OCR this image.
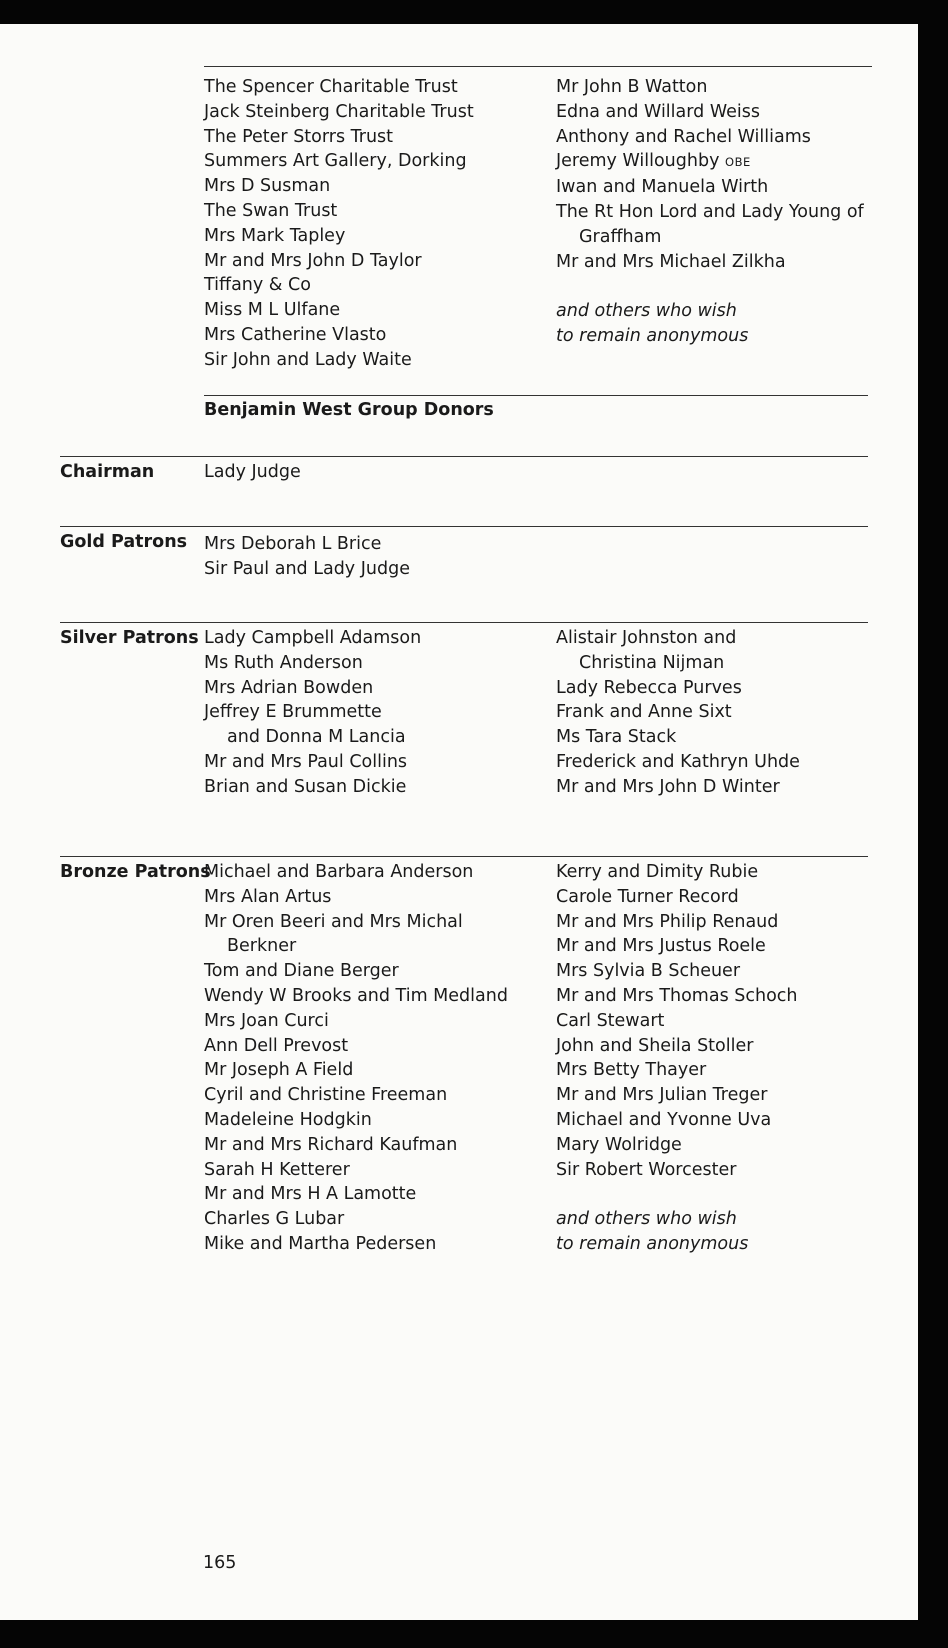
The Spencer Charitable Trust
Jack Steinberg Charitable Trust
The Peter Storrs Trust
Summers Art Gallery, Dorking
Mrs D Susman
The Swan Trust
Mrs Mark Tapley
Mr and Mrs John D Taylor
Tiffany & Co
Miss M L Ulfane
Mrs Catherine Vlasto
Sir John and Lady Waite
Mr John B Watton
Edna and Willard Weiss
Anthony and Rachel Williams
Jeremy Willoughby OBE
Iwan and Manuela Wirth
The Rt Hon Lord and Lady Young of
Graffham
Mr and Mrs Michael Zilkha
and others who wish
to remain anonymous
Benjamin West Group Donors
Chairman	Lady Judge
Gold Patrons Mrs Deborah L Brice
Sir Paul and Lady Judge
Silver Patrons Lady Campbell Adamson
Ms Ruth Anderson
Mrs Adrian Bowden
Jeffrey E Brummette
and Donna M Lancia
Mr and Mrs Paul Collins
Brian and Susan Dickie
Alistair Johnston and
Christina Nijman
Lady Rebecca Purves
Frank and Anne Sixt
Ms Tara Stack
Frederick and Kathryn Uhde
Mr and Mrs John D Winter
Bronze Patrons
Michael and Barbara Anderson
Mrs Alan Artus
Mr Oren Beeri and Mrs Michal
Berkner
Tom and Diane Berger
Wendy W Brooks and Tim Medland
Mrs Joan Curci
Ann Dell Prevost
Mr Joseph A Field
Cyril and Christine Freeman
Madeleine Hodgkin
Mr and Mrs Richard Kaufman
Sarah H Ketterer
Mr and Mrs H A Lamotte
Charles G Lubar
Mike and Martha Pedersen
Kerry and Dimity Rubie
Carole Turner Record
Mr and Mrs Philip Renaud
Mr and Mrs Justus Roele
Mrs Sylvia B Scheuer
Mr and Mrs Thomas Schoch
Carl Stewart
John and Sheila Stoller
Mrs Betty Thayer
Mr and Mrs Julian Treger
Michael and Yvonne Uva
Mary Wolridge
Sir Robert Worcester
and others who wish
to remain anonymous
165
